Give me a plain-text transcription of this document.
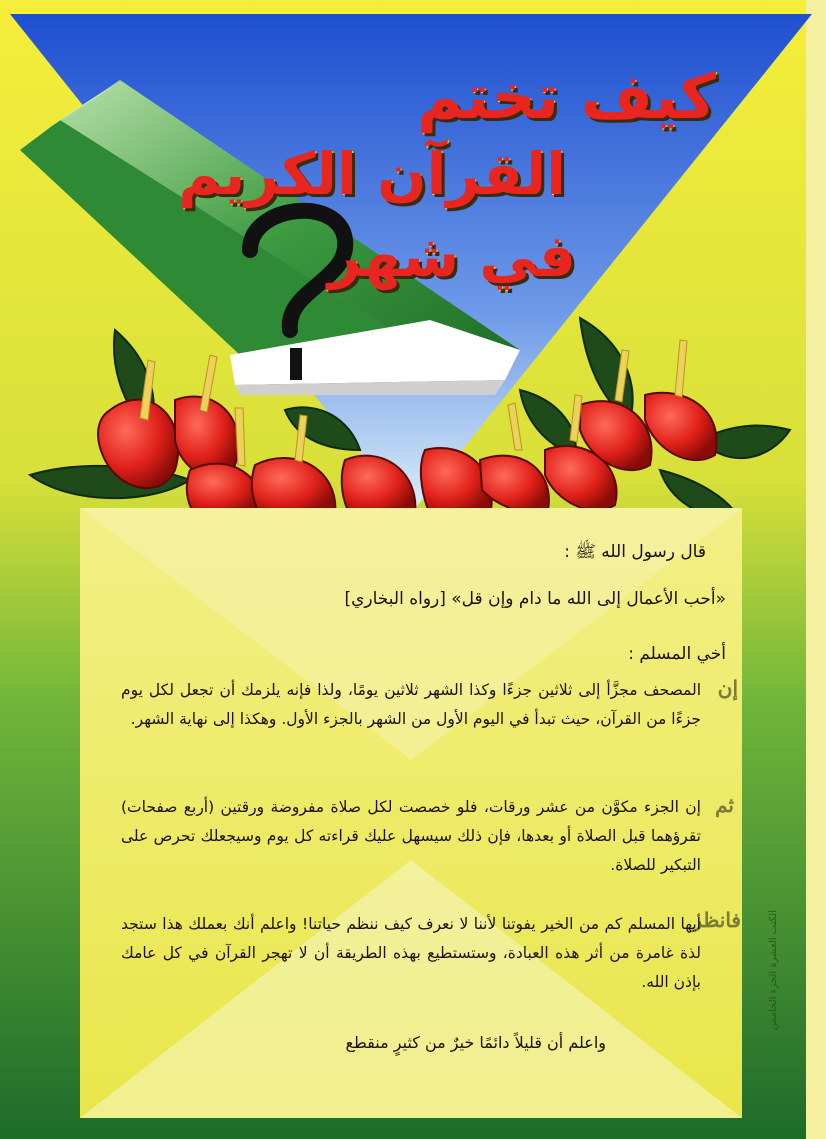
كيف تختم
القرآن الكريم
في شهر
قال رسول الله ﷺ :
«أحب الأعمال إلى الله ما دام وإن قل» [رواه البخاري]
أخي المسلم :
إن
المصحف مجزَّأ إلى ثلاثين جزءًا وكذا الشهر ثلاثين يومًا، ولذا فإنه يلزمك أن تجعل لكل يوم جزءًا من القرآن، حيث تبدأ في اليوم الأول من الشهر بالجزء الأول. وهكذا إلى نهاية الشهر.
ثم
إن الجزء مكوَّن من عشر ورقات، فلو خصصت لكل صلاة مفروضة ورقتين (أربع صفحات) تقرؤهما قبل الصلاة أو بعدها، فإن ذلك سيسهل عليك قراءته كل يوم وسيجعلك تحرص على التبكير للصلاة.
فانظر
أيها المسلم كم من الخير يفوتنا لأننا لا نعرف كيف ننظم حياتنا! واعلم أنك بعملك هذا ستجد لذة غامرة من أثر هذه العبادة، وستستطيع بهذه الطريقة أن لا تهجر القرآن في كل عامك بإذن الله.
واعلم أن قليلاً دائمًا خيرٌ من كثيرٍ منقطع
الكتب العشرة الجزء الخامس
